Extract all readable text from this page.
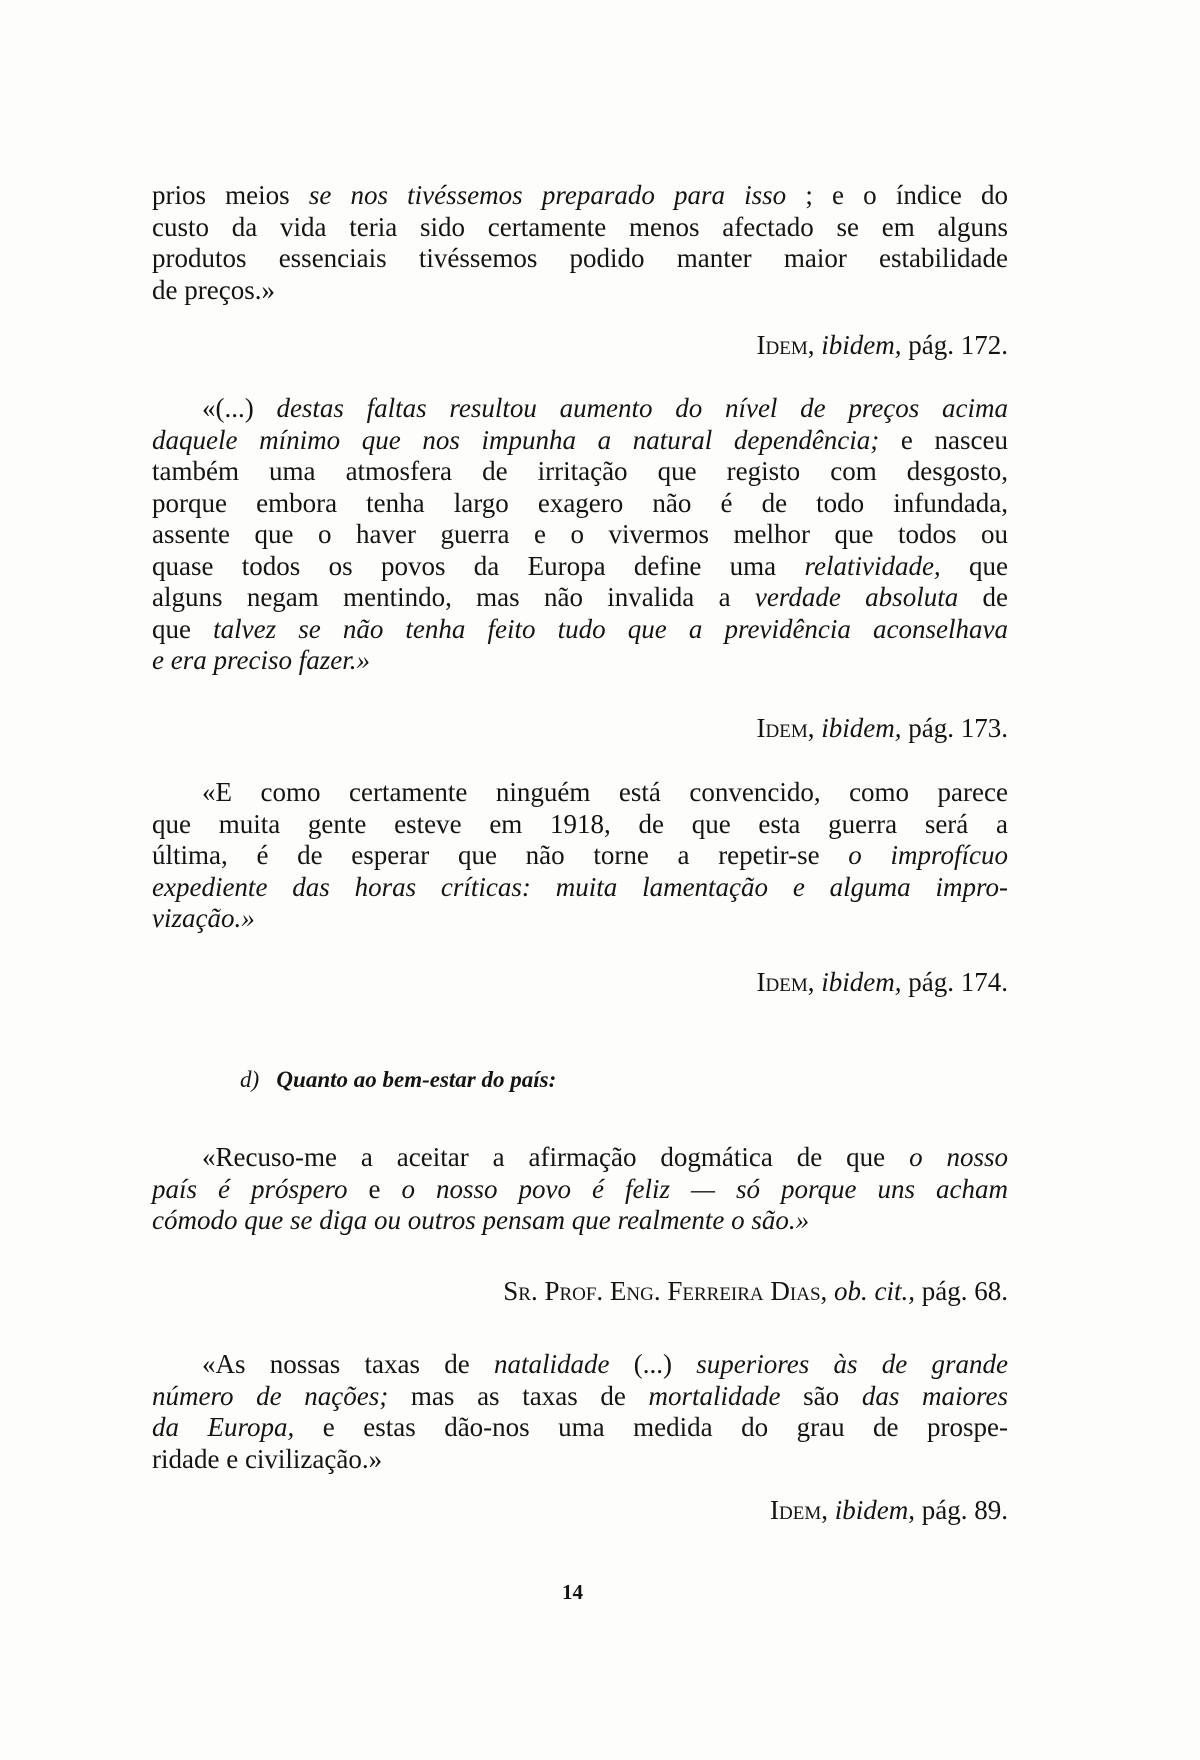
prios meios se nos tivéssemos preparado para isso ; e o índice do
custo da vida teria sido certamente menos afectado se em alguns
produtos essenciais tivéssemos podido manter maior estabilidade
de preços.»
Idem, ibidem, pág. 172.
«(...) destas faltas resultou aumento do nível de preços acima
daquele mínimo que nos impunha a natural dependência; e nasceu
também uma atmosfera de irritação que registo com desgosto,
porque embora tenha largo exagero não é de todo infundada,
assente que o haver guerra e o vivermos melhor que todos ou
quase todos os povos da Europa define uma relatividade, que
alguns negam mentindo, mas não invalida a verdade absoluta de
que talvez se não tenha feito tudo que a previdência aconselhava
e era preciso fazer.»
Idem, ibidem, pág. 173.
«E como certamente ninguém está convencido, como parece
que muita gente esteve em 1918, de que esta guerra será a
última, é de esperar que não torne a repetir-se o improfícuo
expediente das horas críticas: muita lamentação e alguma impro-
vização.»
Idem, ibidem, pág. 174.
d) Quanto ao bem-estar do país:
«Recuso-me a aceitar a afirmação dogmática de que o nosso
país é próspero e o nosso povo é feliz — só porque uns acham
cómodo que se diga ou outros pensam que realmente o são.»
Sr. Prof. Eng. Ferreira Dias, ob. cit., pág. 68.
«As nossas taxas de natalidade (...) superiores às de grande
número de nações; mas as taxas de mortalidade são das maiores
da Europa, e estas dão-nos uma medida do grau de prospe-
ridade e civilização.»
Idem, ibidem, pág. 89.
14
